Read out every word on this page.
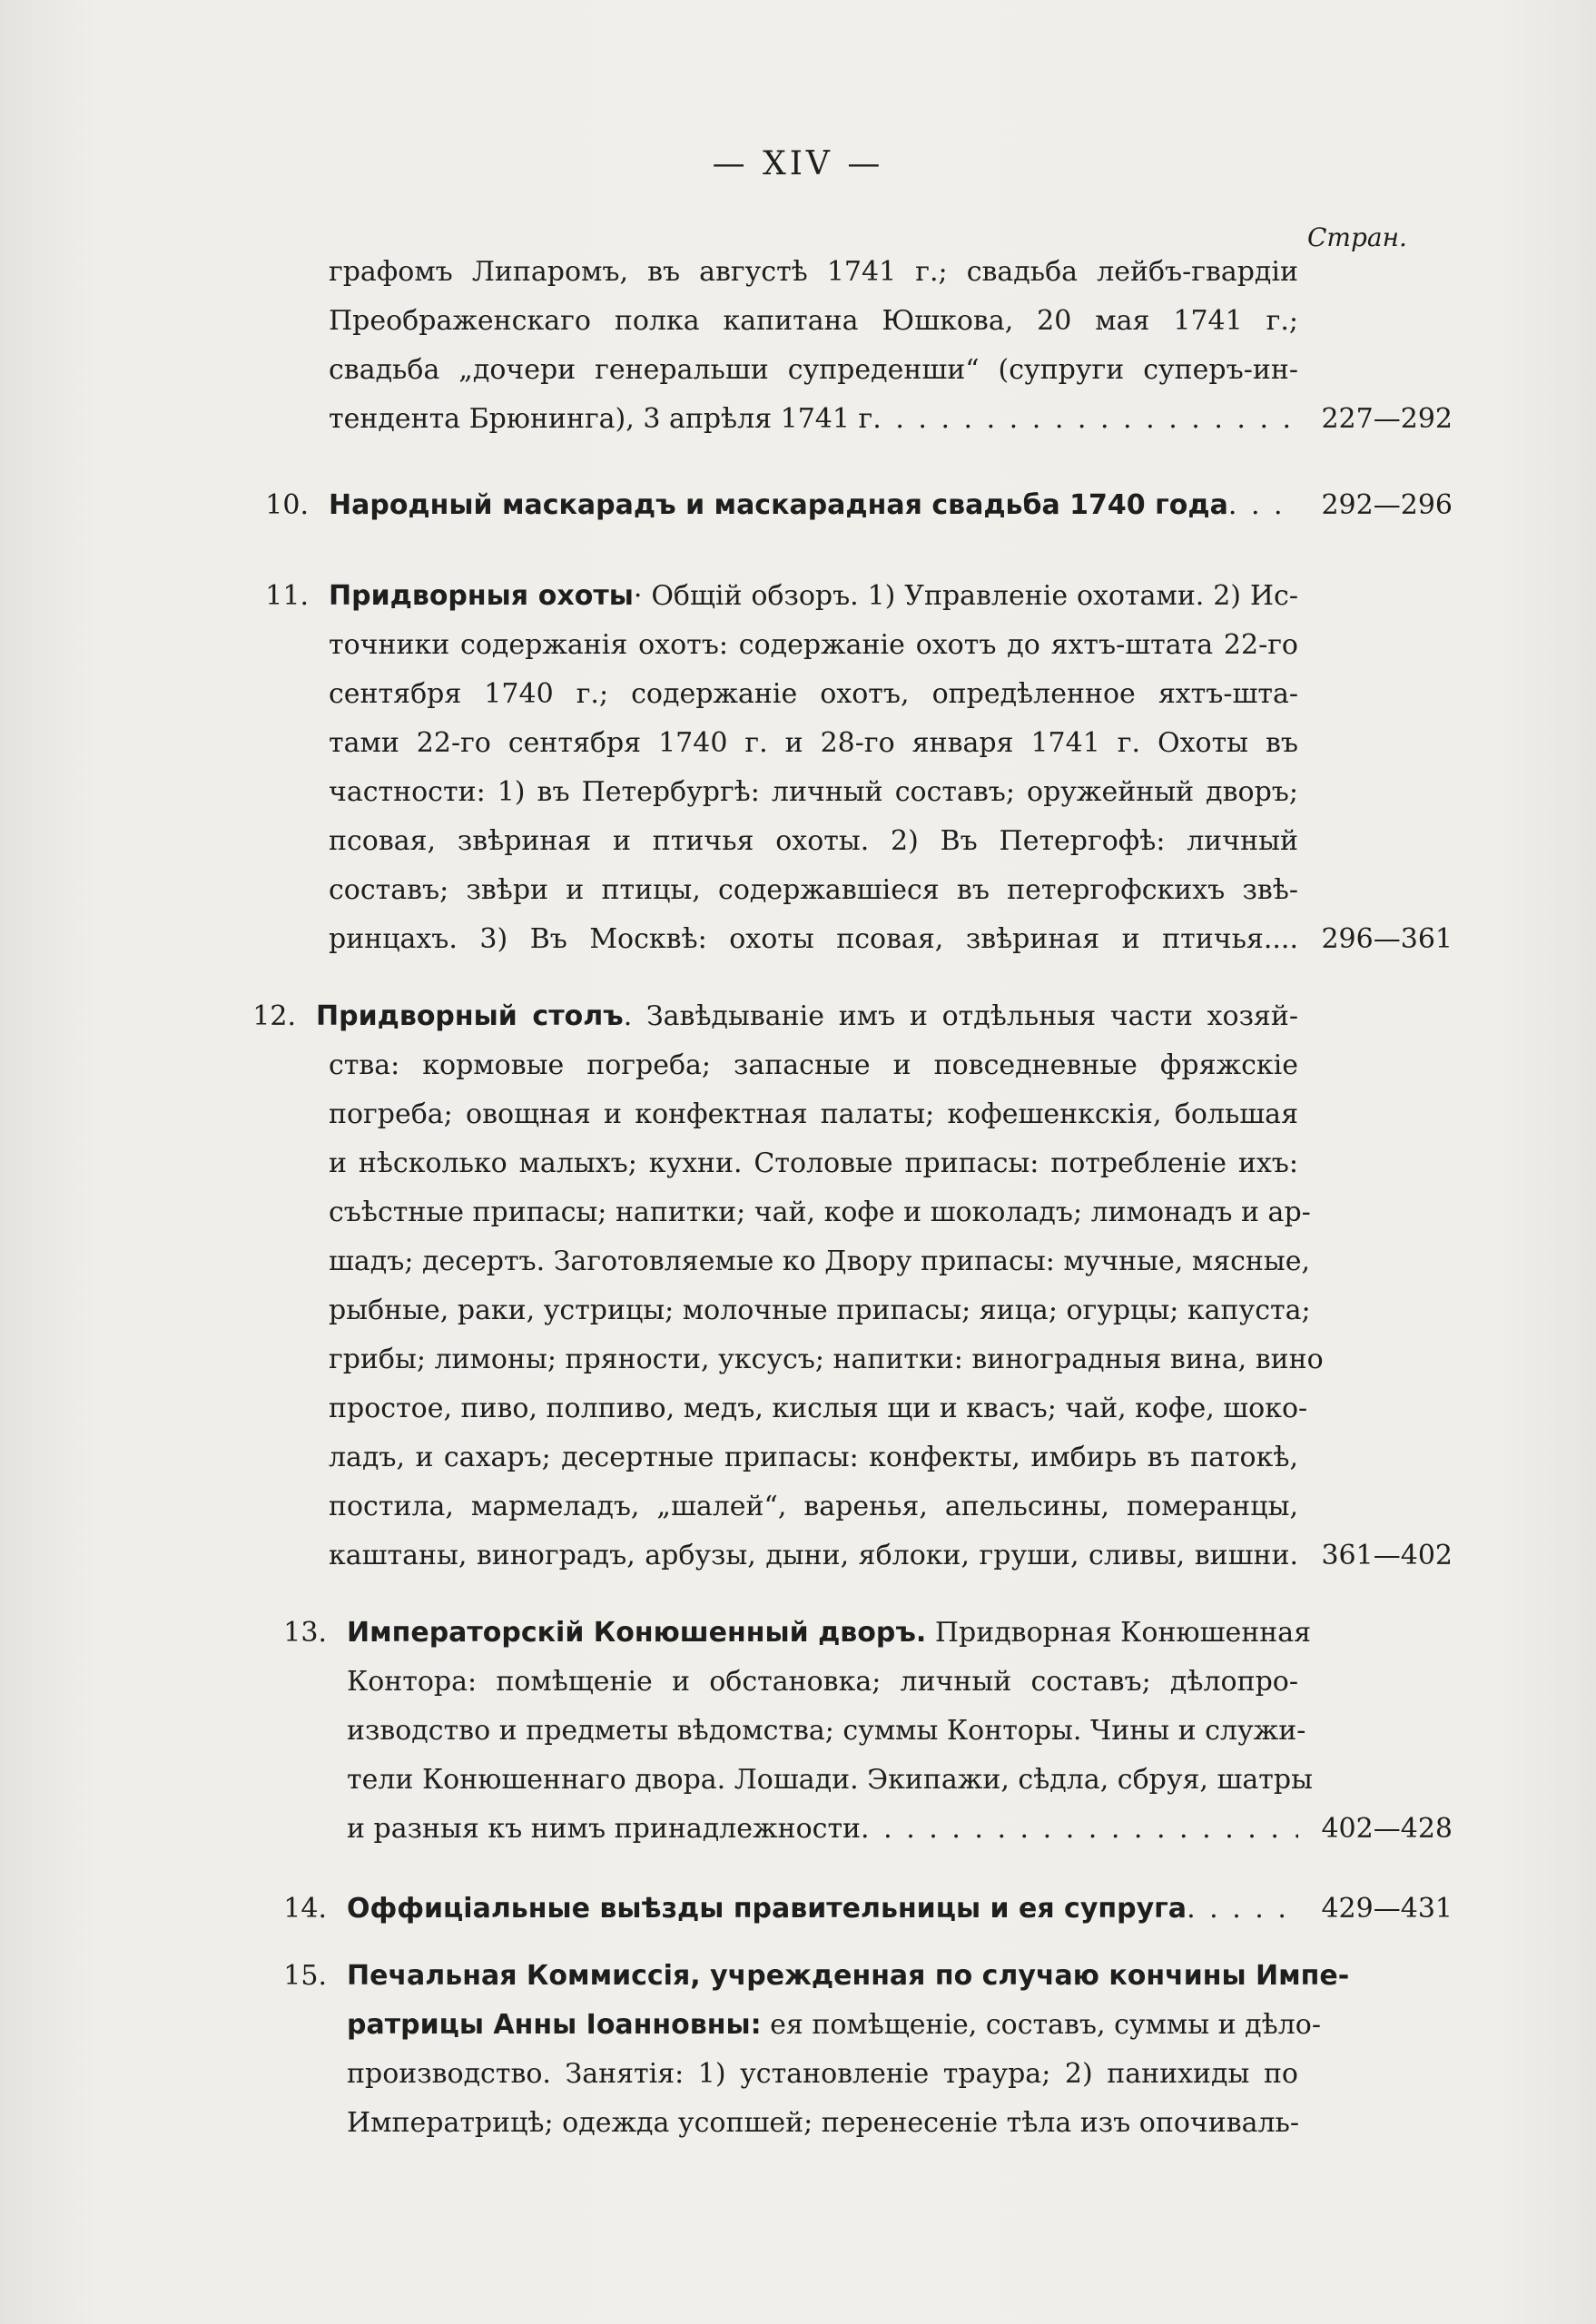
— XIV —
Стран.
графомъ Липаромъ, въ августѣ 1741 г.; свадьба лейбъ-гвардіи
Преображенскаго полка капитана Юшкова, 20 мая 1741 г.;
свадьба „дочери генеральши супреденши“ (супруги суперъ-ин-
тендента Брюнинга), 3 апрѣля 1741 г . . .	227—292
10. Народный маскарадъ и маскарадная свадьба 1740 года . . .	292—296
11. Придворныя охоты· Общій обзоръ. 1) Управленіе охотами. 2) Ис-
точники содержанія охотъ: содержаніе охотъ до яхтъ-штата 22-го
сентября 1740 г.; содержаніе охотъ, опредѣленное яхтъ-шта-
тами 22-го сентября 1740 г. и 28-го января 1741 г. Охоты въ
частности: 1) въ Петербургѣ: личный составъ; оружейный дворъ;
псовая, звѣриная и птичья охоты. 2) Въ Петергофѣ: личный
составъ; звѣри и птицы, содержавшіеся въ петергофскихъ звѣ-
ринцахъ. 3) Въ Москвѣ: охоты псовая, звѣриная и птичья.... 296—361
12. Придворный столъ. Завѣдываніе имъ и отдѣльныя части хозяй-
ства: кормовые погреба; запасные и повседневные фряжскіе
погреба; овощная и конфектная палаты; кофешенкскія, большая
и нѣсколько малыхъ; кухни. Столовые припасы: потребленіе ихъ:
съѣстные припасы; напитки; чай, кофе и шоколадъ; лимонадъ и ар-
шадъ; десертъ. Заготовляемые ко Двору припасы: мучные, мясные,
рыбные, раки, устрицы; молочные припасы; яица; огурцы; капуста;
грибы; лимоны; пряности, уксусъ; напитки: виноградныя вина, вино
простое, пиво, полпиво, медъ, кислыя щи и квасъ; чай, кофе, шоко-
ладъ, и сахаръ; десертные припасы: конфекты, имбирь въ патокѣ,
постила, мармеладъ, „шалей“, варенья, апельсины, померанцы,
каштаны, виноградъ, арбузы, дыни, яблоки, груши, сливы, вишни. 361—402
13. Императорскій Конюшенный дворъ. Придворная Конюшенная
Контора: помѣщеніе и обстановка; личный составъ; дѣлопро-
изводство и предметы вѣдомства; суммы Конторы. Чины и служи-
тели Конюшеннаго двора. Лошади. Экипажи, сѣдла, сбруя, шатры
и разныя къ нимъ принадлежности . . .	402—428
14. Оффиціальные выѣзды правительницы и ея супруга . . .	429—431
15. Печальная Коммиссія, учрежденная по случаю кончины Импе-
ратрицы Анны Іоанновны: ея помѣщеніе, составъ, суммы и дѣло-
производство. Занятія: 1) установленіе траура; 2) панихиды по
Императрицѣ; одежда усопшей; перенесеніе тѣла изъ опочиваль-
